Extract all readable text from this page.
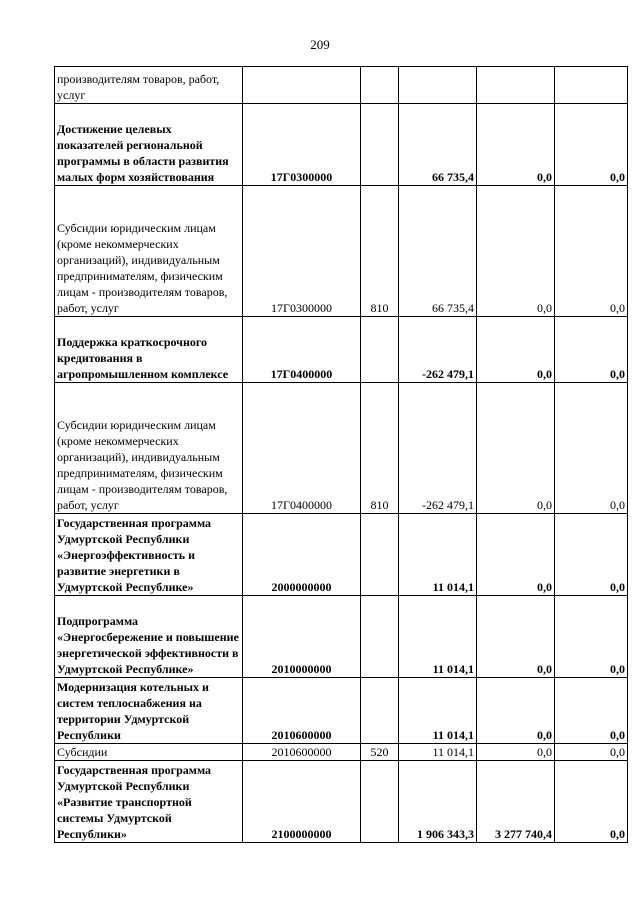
209
производителям товаров, работ, услуг					
Достижение целевых показателей региональной программы в области развития малых форм хозяйствования	17Г0300000		66 735,4	0,0	0,0
Субсидии юридическим лицам (кроме некоммерческих организаций), индивидуальным предпринимателям, физическим лицам - производителям товаров, работ, услуг	17Г0300000	810	66 735,4	0,0	0,0
Поддержка краткосрочного кредитования в агропромышленном комплексе	17Г0400000		-262 479,1	0,0	0,0
Субсидии юридическим лицам (кроме некоммерческих организаций), индивидуальным предпринимателям, физическим лицам - производителям товаров, работ, услуг	17Г0400000	810	-262 479,1	0,0	0,0
Государственная программа Удмуртской Республики «Энергоэффективность и развитие энергетики в Удмуртской Республике»	2000000000		11 014,1	0,0	0,0
Подпрограмма «Энергосбережение и повышение энергетической эффективности в Удмуртской Республике»	2010000000		11 014,1	0,0	0,0
Модернизация котельных и систем теплоснабжения на территории Удмуртской Республики	2010600000		11 014,1	0,0	0,0
Субсидии	2010600000	520	11 014,1	0,0	0,0
Государственная программа Удмуртской Республики «Развитие транспортной системы Удмуртской Республики»	2100000000		1 906 343,3	3 277 740,4	0,0
